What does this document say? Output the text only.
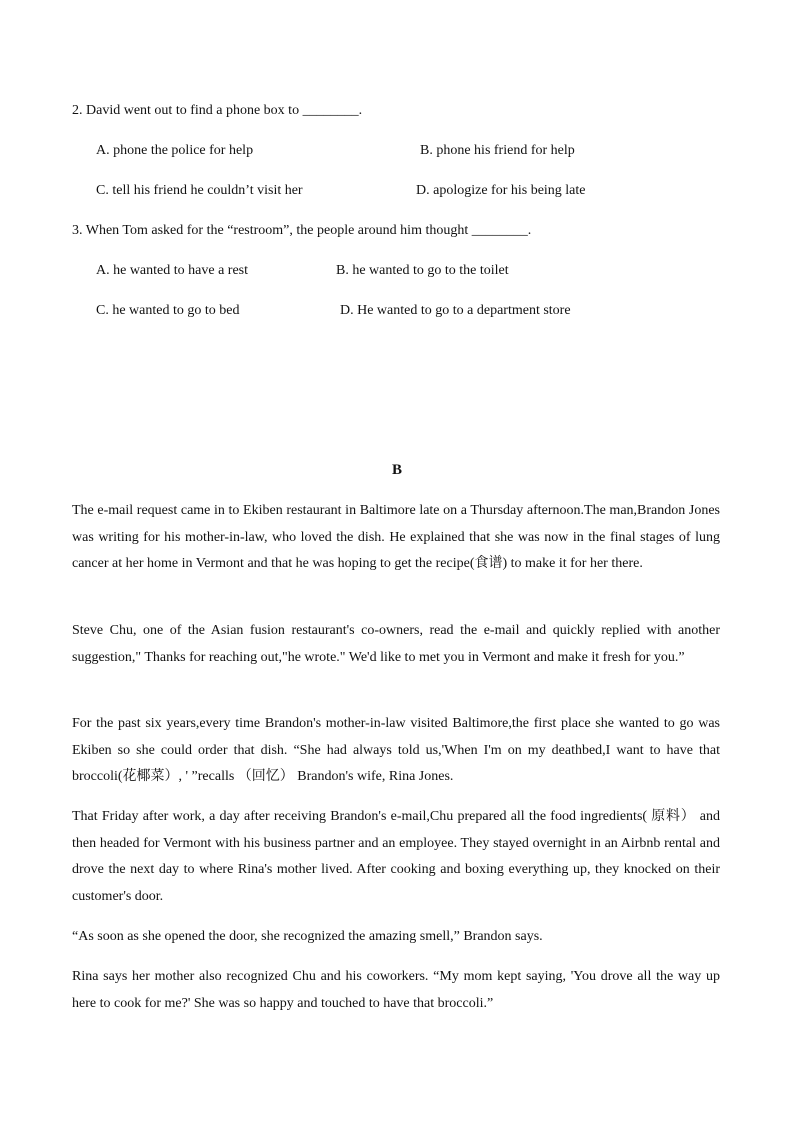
2. David went out to find a phone box to ________.
A. phone the police for help	B. phone his friend for help
C. tell his friend he couldn’t visit her	D. apologize for his being late
3. When Tom asked for the “restroom”, the people around him thought ________.
A. he wanted to have a rest	B. he wanted to go to the toilet
C. he wanted to go to bed	D. He wanted to go to a department store
B
The e-mail request came in to Ekiben restaurant in Baltimore late on a Thursday afternoon.The man,Brandon Jones was writing for his mother-in-law, who loved the dish. He explained that she was now in the final stages of lung cancer at her home in Vermont and that he was hoping to get the recipe(食谱) to make it for her there.
Steve Chu, one of the Asian fusion restaurant's co-owners, read the e-mail and quickly replied with another suggestion," Thanks for reaching out,"he wrote." We'd like to met you in Vermont and make it fresh for you.”
For the past six years,every time Brandon's mother-in-law visited Baltimore,the first place she wanted to go was Ekiben so she could order that dish. “She had always told us,'When I'm on my deathbed,I want to have that broccoli(花椰菜）, ' ”recalls （回忆） Brandon's wife, Rina Jones.
That Friday after work, a day after receiving Brandon's e-mail,Chu prepared all the food ingredients( 原料） and then headed for Vermont with his business partner and an employee. They stayed overnight in an Airbnb rental and drove the next day to where Rina's mother lived. After cooking and boxing everything up, they knocked on their customer's door.
“As soon as she opened the door, she recognized the amazing smell,” Brandon says.
Rina says her mother also recognized Chu and his coworkers. “My mom kept saying, 'You drove all the way up here to cook for me?' She was so happy and touched to have that broccoli.”
